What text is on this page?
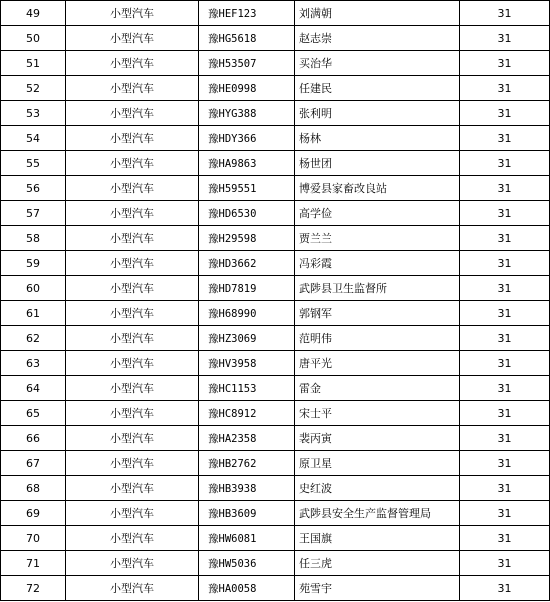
49	小型汽车	豫HEF123	刘满朝	31
50	小型汽车	豫HG5618	赵志崇	31
51	小型汽车	豫H53507	买治华	31
52	小型汽车	豫HE0998	任建民	31
53	小型汽车	豫HYG388	张利明	31
54	小型汽车	豫HDY366	杨林	31
55	小型汽车	豫HA9863	杨世团	31
56	小型汽车	豫H59551	博爱县家畜改良站	31
57	小型汽车	豫HD6530	高学俭	31
58	小型汽车	豫H29598	贾兰兰	31
59	小型汽车	豫HD3662	冯彩霞	31
60	小型汽车	豫HD7819	武陟县卫生监督所	31
61	小型汽车	豫H68990	郭钢军	31
62	小型汽车	豫HZ3069	范明伟	31
63	小型汽车	豫HV3958	唐平光	31
64	小型汽车	豫HC1153	雷金	31
65	小型汽车	豫HC8912	宋士平	31
66	小型汽车	豫HA2358	裴丙寅	31
67	小型汽车	豫HB2762	原卫星	31
68	小型汽车	豫HB3938	史红波	31
69	小型汽车	豫HB3609	武陟县安全生产监督管理局	31
70	小型汽车	豫HW6081	王国旗	31
71	小型汽车	豫HW5036	任三虎	31
72	小型汽车	豫HA0058	苑雪宇	31
